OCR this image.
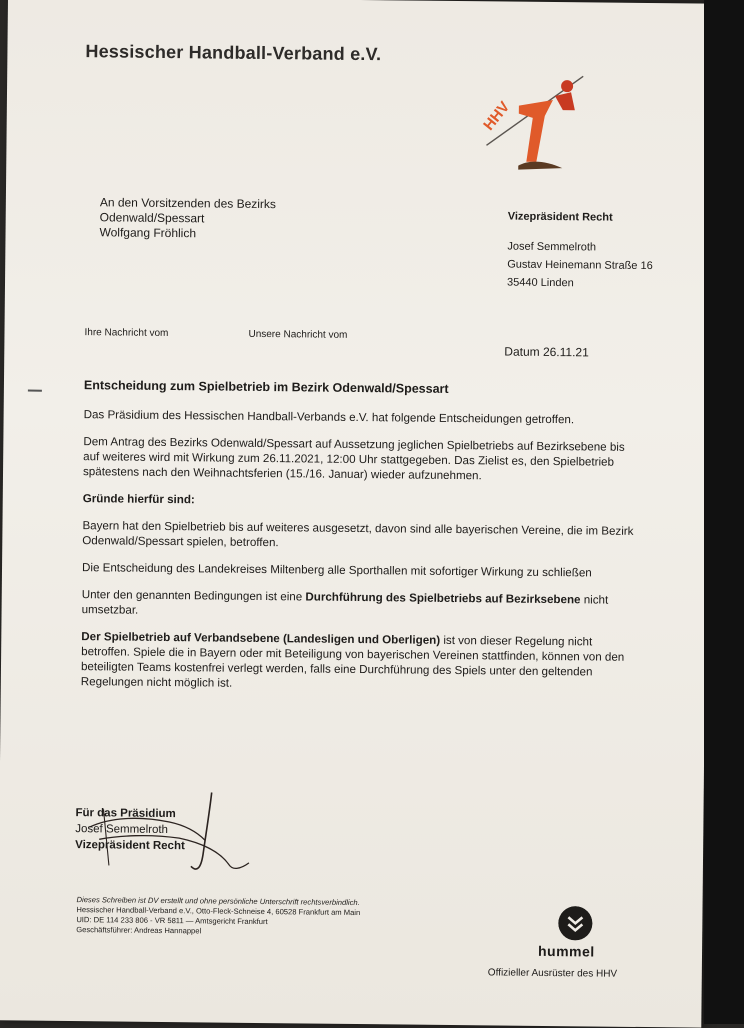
Hessischer Handball-Verband e.V.
HHV
An den Vorsitzenden des Bezirks
Odenwald/Spessart
Wolfgang Fröhlich
Vizepräsident Recht
Josef Semmelroth
Gustav Heinemann Straße 16
35440 Linden
Ihre Nachricht vom	Unsere Nachricht vom
Datum 26.11.21

Entscheidung zum Spielbetrieb im Bezirk Odenwald/Spessart

Das Präsidium des Hessischen Handball-Verbands e.V. hat folgende Entscheidungen getroffen.

Dem Antrag des Bezirks Odenwald/Spessart auf Aussetzung jeglichen Spielbetriebs auf Bezirksebene bis auf weiteres wird mit Wirkung zum 26.11.2021, 12:00 Uhr stattgegeben. Das Zielist es, den Spielbetrieb spätestens nach den Weihnachtsferien (15./16. Januar) wieder aufzunehmen.

Gründe hierfür sind:

Bayern hat den Spielbetrieb bis auf weiteres ausgesetzt, davon sind alle bayerischen Vereine, die im Bezirk Odenwald/Spessart spielen, betroffen.

Die Entscheidung des Landekreises Miltenberg alle Sporthallen mit sofortiger Wirkung zu schließen

Unter den genannten Bedingungen ist eine Durchführung des Spielbetriebs auf Bezirksebene nicht umsetzbar.

Der Spielbetrieb auf Verbandsebene (Landesligen und Oberligen) ist von dieser Regelung nicht betroffen. Spiele die in Bayern oder mit Beteiligung von bayerischen Vereinen stattfinden, können von den beteiligten Teams kostenfrei verlegt werden, falls eine Durchführung des Spiels unter den geltenden Regelungen nicht möglich ist.

Für das Präsidium
Josef Semmelroth
Vizepräsident Recht
Dieses Schreiben ist DV erstellt und ohne persönliche Unterschrift rechtsverbindlich.
Hessischer Handball-Verband e.V., Otto-Fleck-Schneise 4, 60528 Frankfurt am Main
UID: DE 114 233 806 - VR 5811 — Amtsgericht Frankfurt
Geschäftsführer: Andreas Hannappel
hummel
Offizieller Ausrüster des HHV
